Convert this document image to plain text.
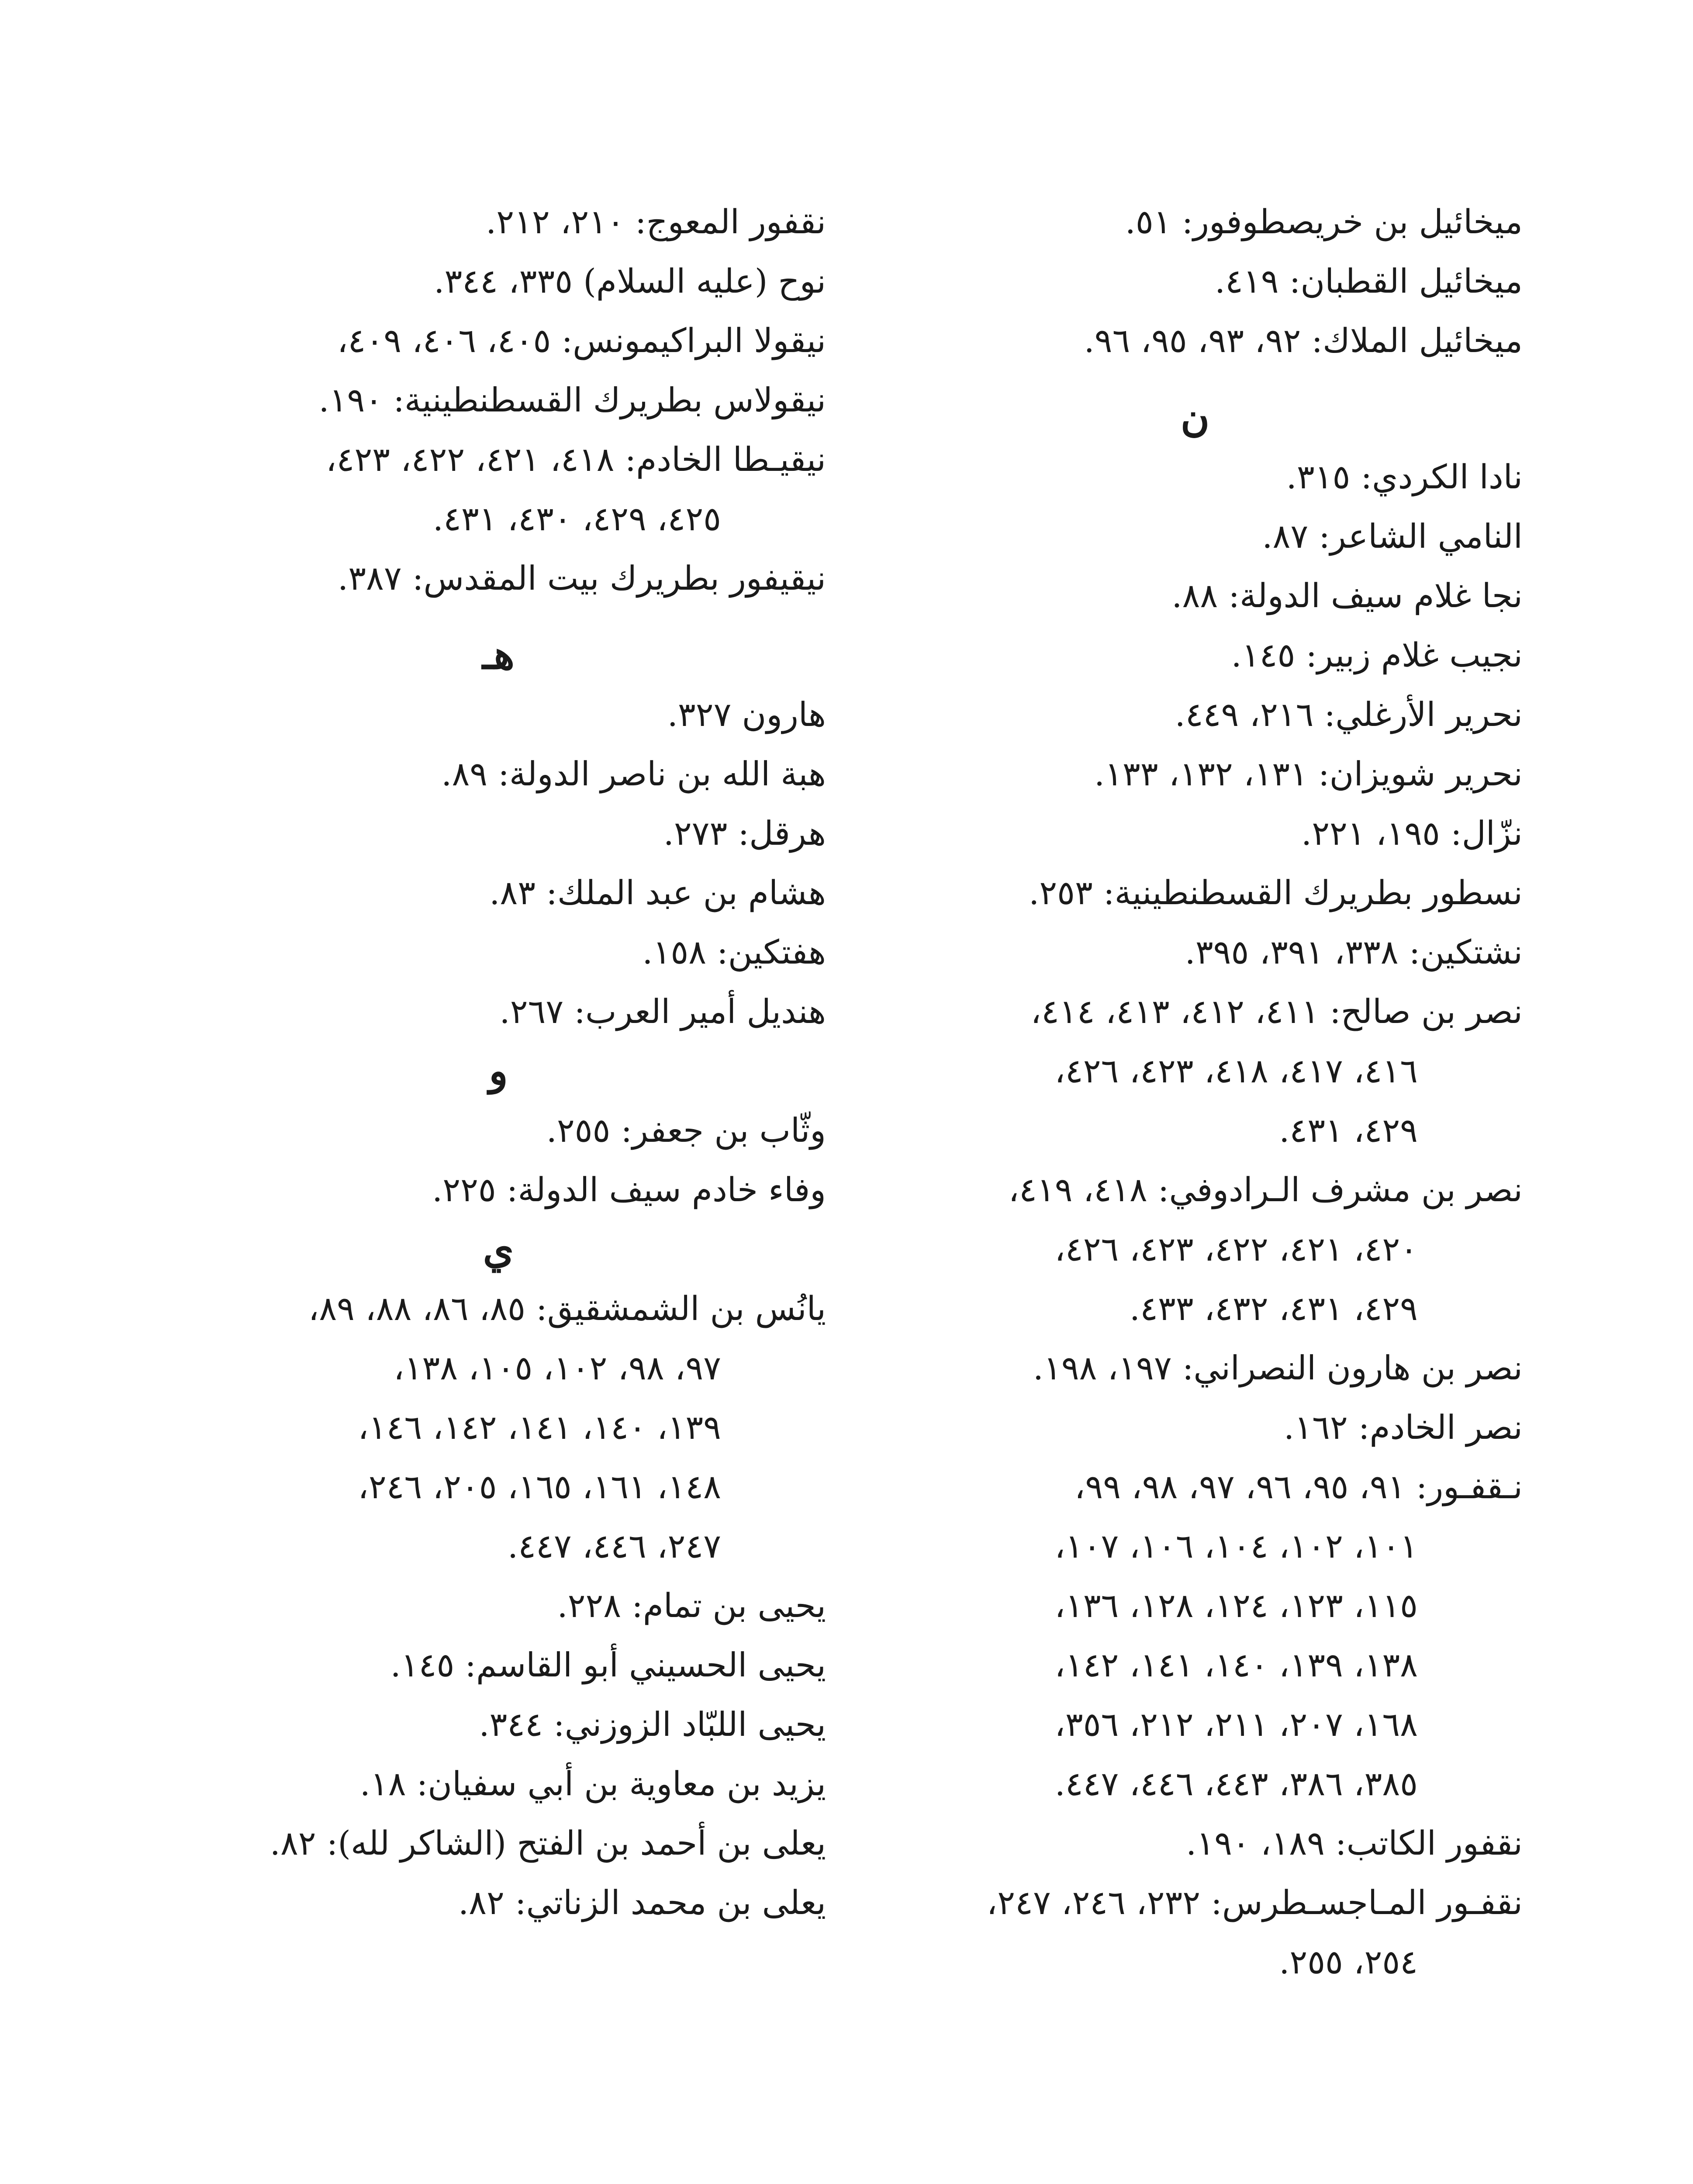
ميخائيل بن خريصطوفور: ٥١.
ميخائيل القطبان: ٤١٩.
ميخائيل الملاك: ٩٢، ٩٣، ٩٥، ٩٦.
ن
نادا الكردي: ٣١٥.
النامي الشاعر: ٨٧.
نجا غلام سيف الدولة: ٨٨.
نجيب غلام زبير: ١٤٥.
نحرير الأرغلي: ٢١٦، ٤٤٩.
نحرير شويزان: ١٣١، ١٣٢، ١٣٣.
نزّال: ١٩٥، ٢٢١.
نسطور بطريرك القسطنطينية: ٢٥٣.
نشتكين: ٣٣٨، ٣٩١، ٣٩٥.
نصر بن صالح: ٤١١، ٤١٢، ٤١٣، ٤١٤،
٤١٦، ٤١٧، ٤١٨، ٤٢٣، ٤٢٦،
٤٢٩، ٤٣١.
نصر بن مشرف الـرادوفي: ٤١٨، ٤١٩،
٤٢٠، ٤٢١، ٤٢٢، ٤٢٣، ٤٢٦،
٤٢٩، ٤٣١، ٤٣٢، ٤٣٣.
نصر بن هارون النصراني: ١٩٧، ١٩٨.
نصر الخادم: ١٦٢.
نـقفـور: ٩١، ٩٥، ٩٦، ٩٧، ٩٨، ٩٩،
١٠١، ١٠٢، ١٠٤، ١٠٦، ١٠٧،
١١٥، ١٢٣، ١٢٤، ١٢٨، ١٣٦،
١٣٨، ١٣٩، ١٤٠، ١٤١، ١٤٢،
١٦٨، ٢٠٧، ٢١١، ٢١٢، ٣٥٦،
٣٨٥، ٣٨٦، ٤٤٣، ٤٤٦، ٤٤٧.
نقفور الكاتب: ١٨٩، ١٩٠.
نقفـور المـاجسـطرس: ٢٣٢، ٢٤٦، ٢٤٧،
٢٥٤، ٢٥٥.
نقفور المعوج: ٢١٠، ٢١٢.
نوح (عليه السلام) ٣٣٥، ٣٤٤.
نيقولا البراكيمونس: ٤٠٥، ٤٠٦، ٤٠٩،
نيقولاس بطريرك القسطنطينية: ١٩٠.
نيقيـطا الخادم: ٤١٨، ٤٢١، ٤٢٢، ٤٢٣،
٤٢٥، ٤٢٩، ٤٣٠، ٤٣١.
نيقيفور بطريرك بيت المقدس: ٣٨٧.
هـ
هارون ٣٢٧.
هبة الله بن ناصر الدولة: ٨٩.
هرقل: ٢٧٣.
هشام بن عبد الملك: ٨٣.
هفتكين: ١٥٨.
هنديل أمير العرب: ٢٦٧.
و
وثّاب بن جعفر: ٢٥٥.
وفاء خادم سيف الدولة: ٢٢٥.
ي
يانُس بن الشمشقيق: ٨٥، ٨٦، ٨٨، ٨٩،
٩٧، ٩٨، ١٠٢، ١٠٥، ١٣٨،
١٣٩، ١٤٠، ١٤١، ١٤٢، ١٤٦،
١٤٨، ١٦١، ١٦٥، ٢٠٥، ٢٤٦،
٢٤٧، ٤٤٦، ٤٤٧.
يحيى بن تمام: ٢٢٨.
يحيى الحسيني أبو القاسم: ١٤٥.
يحيى اللبّاد الزوزني: ٣٤٤.
يزيد بن معاوية بن أبي سفيان: ١٨.
يعلى بن أحمد بن الفتح (الشاكر لله): ٨٢.
يعلى بن محمد الزناتي: ٨٢.
